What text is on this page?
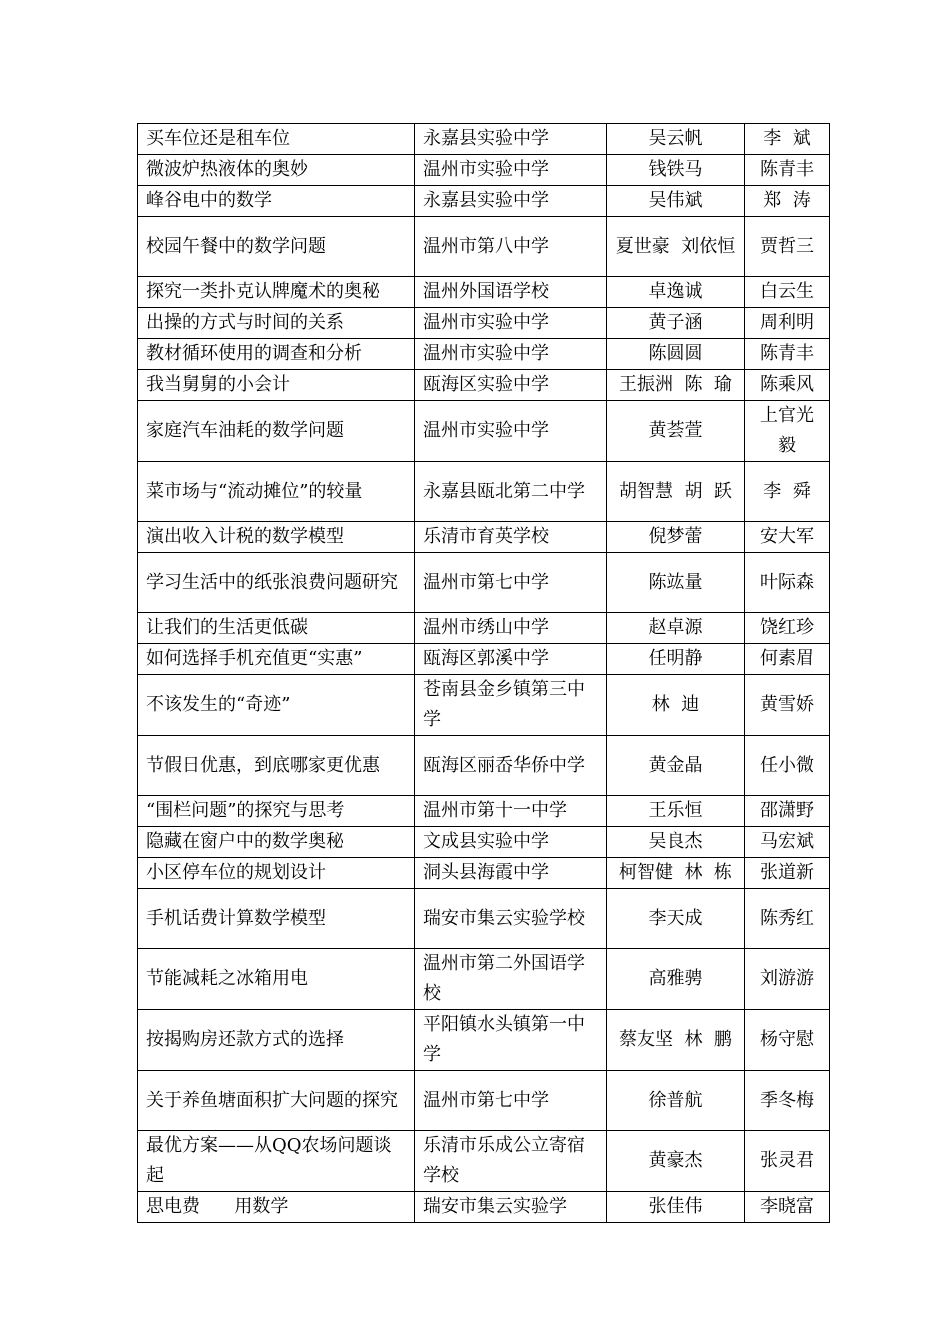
买车位还是租车位	永嘉县实验中学	吴云帆	李  斌
微波炉热液体的奥妙	温州市实验中学	钱铁马	陈青丰
峰谷电中的数学	永嘉县实验中学	吴伟斌	郑  涛
校园午餐中的数学问题	温州市第八中学	夏世豪  刘依恒	贾哲三
探究一类扑克认牌魔术的奥秘	温州外国语学校	卓逸诚	白云生
出操的方式与时间的关系	温州市实验中学	黄子涵	周利明
教材循环使用的调查和分析	温州市实验中学	陈圆圆	陈青丰
我当舅舅的小会计	瓯海区实验中学	王振洲  陈  瑜	陈乘风
家庭汽车油耗的数学问题	温州市实验中学	黄荟萱	上官光毅
菜市场与“流动摊位”的较量	永嘉县瓯北第二中学	胡智慧  胡  跃	李  舜
演出收入计税的数学模型	乐清市育英学校	倪梦蕾	安大军
学习生活中的纸张浪费问题研究	温州市第七中学	陈竑量	叶际森
让我们的生活更低碳	温州市绣山中学	赵卓源	饶红珍
如何选择手机充值更“实惠”	瓯海区郭溪中学	任明静	何素眉
不该发生的“奇迹”	苍南县金乡镇第三中学	林  迪	黄雪娇
节假日优惠，到底哪家更优惠	瓯海区丽岙华侨中学	黄金晶	任小微
“围栏问题”的探究与思考	温州市第十一中学	王乐恒	邵潇野
隐藏在窗户中的数学奥秘	文成县实验中学	吴良杰	马宏斌
小区停车位的规划设计	洞头县海霞中学	柯智健  林  栋	张道新
手机话费计算数学模型	瑞安市集云实验学校	李天成	陈秀红
节能减耗之冰箱用电	温州市第二外国语学校	高雅骋	刘游游
按揭购房还款方式的选择	平阳镇水头镇第一中学	蔡友坚  林  鹏	杨守慰
关于养鱼塘面积扩大问题的探究	温州市第七中学	徐普航	季冬梅
最优方案——从QQ农场问题谈起	乐清市乐成公立寄宿学校	黄豪杰	张灵君
思电费      用数学	瑞安市集云实验学	张佳伟	李晓富
